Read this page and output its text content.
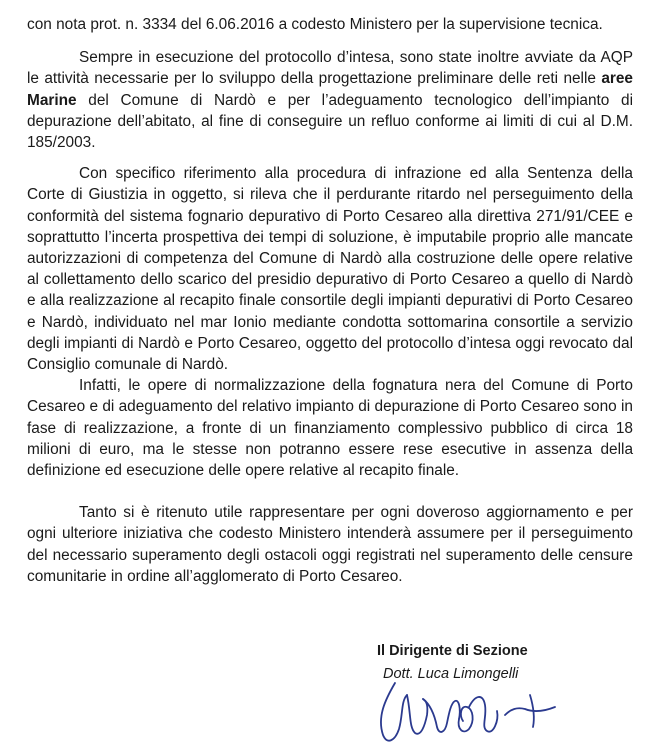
con nota prot. n. 3334 del 6.06.2016 a codesto Ministero per la supervisione tecnica.

Sempre in esecuzione del protocollo d’intesa, sono state inoltre avviate da AQP le attività necessarie per lo sviluppo della progettazione preliminare delle reti nelle aree Marine del Comune di Nardò e per l’adeguamento tecnologico dell’impianto di depurazione dell’abitato, al fine di conseguire un refluo conforme ai limiti di cui al D.M. 185/2003.

Con specifico riferimento alla procedura di infrazione ed alla Sentenza della Corte di Giustizia in oggetto, si rileva che il perdurante ritardo nel perseguimento della conformità del sistema fognario depurativo di Porto Cesareo alla direttiva 271/91/CEE e soprattutto l’incerta prospettiva dei tempi di soluzione, è imputabile proprio alle mancate autorizzazioni di competenza del Comune di Nardò alla costruzione delle opere relative al collettamento dello scarico del presidio depurativo di Porto Cesareo a quello di Nardò e alla realizzazione al recapito finale consortile degli impianti depurativi di Porto Cesareo e Nardò, individuato nel mar Ionio mediante condotta sottomarina consortile a servizio degli impianti di Nardò e Porto Cesareo, oggetto del protocollo d’intesa oggi revocato dal Consiglio comunale di Nardò.

Infatti, le opere di normalizzazione della fognatura nera del Comune di Porto Cesareo e di adeguamento del relativo impianto di depurazione di Porto Cesareo sono in fase di realizzazione, a fronte di un finanziamento complessivo pubblico di circa 18 milioni di euro, ma le stesse non potranno essere rese esecutive in assenza della definizione ed esecuzione delle opere relative al recapito finale.

Tanto si è ritenuto utile rappresentare per ogni doveroso aggiornamento e per ogni ulteriore iniziativa che codesto Ministero intenderà assumere per il perseguimento del necessario superamento degli ostacoli oggi registrati nel superamento delle censure comunitarie in ordine all’agglomerato di Porto Cesareo.

Il Dirigente di Sezione

Dott. Luca Limongelli
